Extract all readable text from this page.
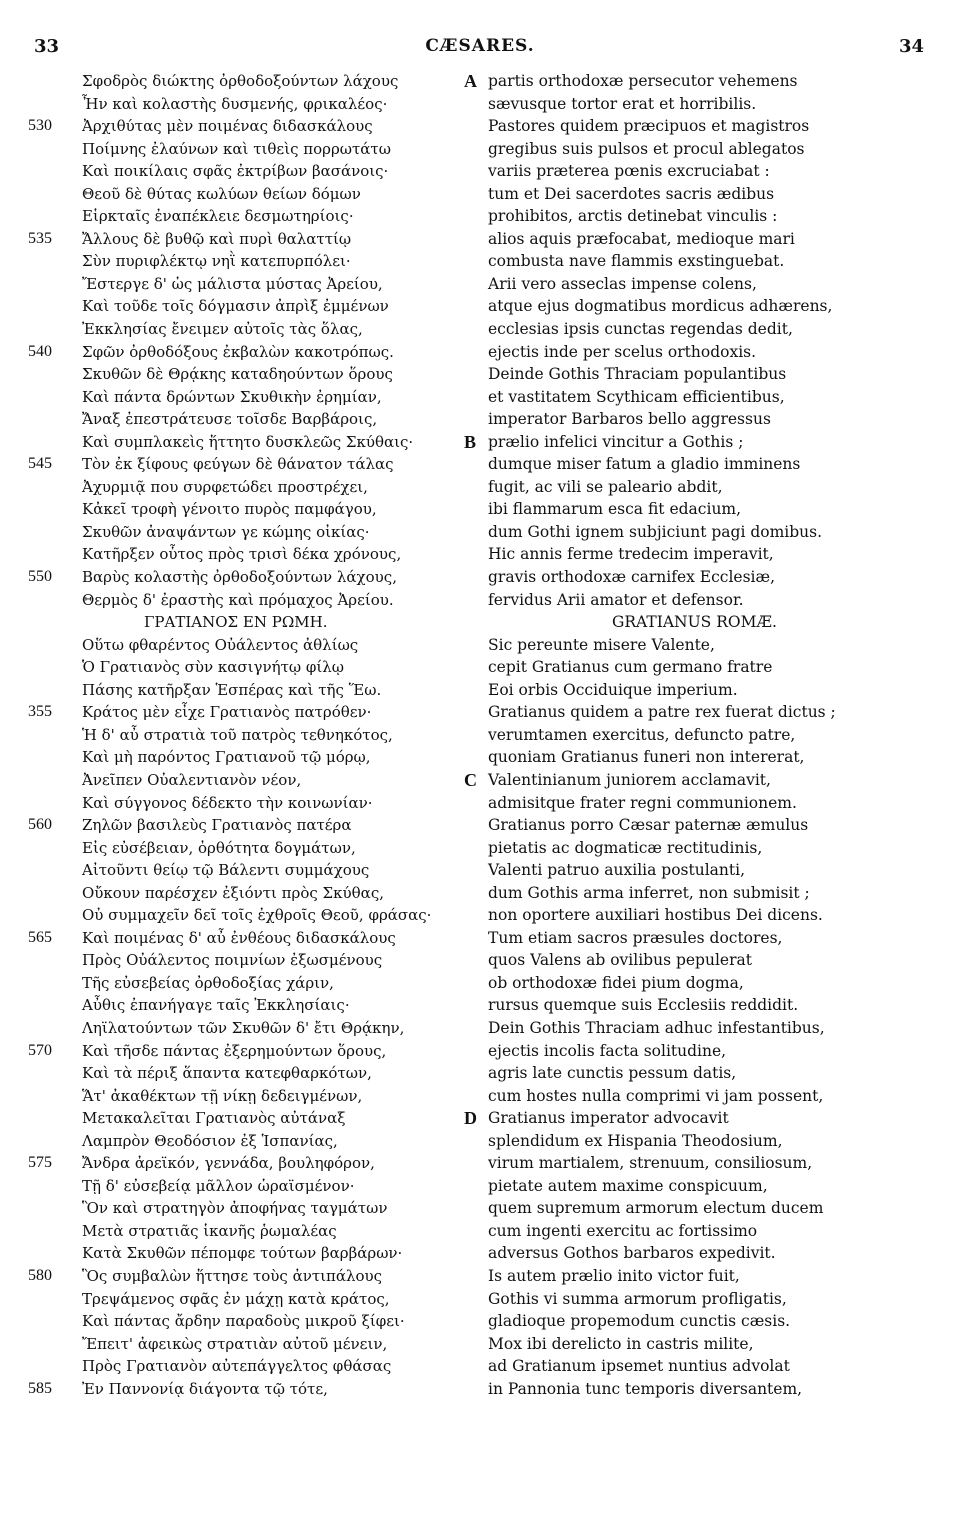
33	CÆSARES.	34
Σφοδρὸς διώκτης ὀρθοδοξούντων λάχους
Ἦν καὶ κολαστὴς δυσμενής, φρικαλέος·
530	Ἀρχιθύτας μὲν ποιμένας διδασκάλους
Ποίμνης ἐλαύνων καὶ τιθεὶς πορρωτάτω
Καὶ ποικίλαις σφᾶς ἐκτρίβων βασάνοις·
Θεοῦ δὲ θύτας κωλύων θείων δόμων
Εἱρκταῖς ἐναπέκλειε δεσμωτηρίοις·
535	Ἄλλους δὲ βυθῷ καὶ πυρὶ θαλαττίῳ
Σὺν πυριφλέκτῳ νηῒ κατεπυρπόλει·
Ἔστεργε δ' ὡς μάλιστα μύστας Ἀρείου,
Καὶ τοῦδε τοῖς δόγμασιν ἀπρὶξ ἐμμένων
Ἐκκλησίας ἔνειμεν αὐτοῖς τὰς ὅλας,
540	Σφῶν ὀρθοδόξους ἐκβαλὼν κακοτρόπως.
Σκυθῶν δὲ Θρᾴκης καταδηούντων ὅρους
Καὶ πάντα δρώντων Σκυθικὴν ἐρημίαν,
Ἄναξ ἐπεστράτευσε τοῖσδε Βαρβάροις,
Καὶ συμπλακεὶς ἥττητο δυσκλεῶς Σκύθαις·
545	Τὸν ἐκ ξίφους φεύγων δὲ θάνατον τάλας
Ἀχυρμιᾷ που συρφετώδει προστρέχει,
Κἀκεῖ τροφὴ γένοιτο πυρὸς παμφάγου,
Σκυθῶν ἀναψάντων γε κώμης οἰκίας·
Κατῆρξεν οὗτος πρὸς τρισὶ δέκα χρόνους,
550	Βαρὺς κολαστὴς ὀρθοδοξούντων λάχους,
Θερμὸς δ' ἐραστὴς καὶ πρόμαχος Ἀρείου.
ΓΡΑΤΙΑΝΟΣ ΕΝ ΡΩΜΗ.
Οὕτω φθαρέντος Οὐάλεντος ἀθλίως
Ὁ Γρατιανὸς σὺν κασιγνήτῳ φίλῳ
Πάσης κατῆρξαν Ἑσπέρας καὶ τῆς Ἕω.
355	Κράτος μὲν εἶχε Γρατιανὸς πατρόθεν·
Ἡ δ' αὖ στρατιὰ τοῦ πατρὸς τεθνηκότος,
Καὶ μὴ παρόντος Γρατιανοῦ τῷ μόρῳ,
Ἀνεῖπεν Οὐαλεντιανὸν νέον,
Καὶ σύγγονος δέδεκτο τὴν κοινωνίαν·
560	Ζηλῶν βασιλεὺς Γρατιανὸς πατέρα
Εἰς εὐσέβειαν, ὀρθότητα δογμάτων,
Αἰτοῦντι θείῳ τῷ Βάλεντι συμμάχους
Οὔκουν παρέσχεν ἐξιόντι πρὸς Σκύθας,
Οὐ συμμαχεῖν δεῖ τοῖς ἐχθροῖς Θεοῦ, φράσας·
565	Καὶ ποιμένας δ' αὖ ἐνθέους διδασκάλους
Πρὸς Οὐάλεντος ποιμνίων ἐξωσμένους
Τῆς εὐσεβείας ὀρθοδοξίας χάριν,
Αὖθις ἐπανήγαγε ταῖς Ἐκκλησίαις·
Ληϊλατούντων τῶν Σκυθῶν δ' ἔτι Θρᾴκην,
570	Καὶ τῆσδε πάντας ἐξερημούντων ὅρους,
Καὶ τὰ πέριξ ἅπαντα κατεφθαρκότων,
Ἅτ' ἀκαθέκτων τῇ νίκῃ δεδειγμένων,
Μετακαλεῖται Γρατιανὸς αὐτάναξ
Λαμπρὸν Θεοδόσιον ἐξ Ἱσπανίας,
575	Ἄνδρα ἀρεϊκόν, γεννάδα, βουληφόρον,
Τῇ δ' εὐσεβείᾳ μᾶλλον ὡραϊσμένον·
Ὃν καὶ στρατηγὸν ἀποφήνας ταγμάτων
Μετὰ στρατιᾶς ἱκανῆς ῥωμαλέας
Κατὰ Σκυθῶν πέπομφε τούτων βαρβάρων·
580	Ὃς συμβαλὼν ἥττησε τοὺς ἀντιπάλους
Τρεψάμενος σφᾶς ἐν μάχῃ κατὰ κράτος,
Καὶ πάντας ἄρδην παραδοὺς μικροῦ ξίφει·
Ἔπειτ' ἀφεικὼς στρατιὰν αὐτοῦ μένειν,
Πρὸς Γρατιανὸν αὐτεπάγγελτος φθάσας
585	Ἐν Παννονίᾳ διάγοντα τῷ τότε,
A partis orthodoxæ persecutor vehemens
sævusque tortor erat et horribilis.
Pastores quidem præcipuos et magistros
gregibus suis pulsos et procul ablegatos
variis præterea pœnis excruciabat :
tum et Dei sacerdotes sacris ædibus
prohibitos, arctis detinebat vinculis :
alios aquis præfocabat, medioque mari
combusta nave flammis exstinguebat.
Arii vero asseclas impense colens,
atque ejus dogmatibus mordicus adhærens,
ecclesias ipsis cunctas regendas dedit,
ejectis inde per scelus orthodoxis.
Deinde Gothis Thraciam populantibus
et vastitatem Scythicam efficientibus,
imperator Barbaros bello aggressus
B prælio infelici vincitur a Gothis ;
dumque miser fatum a gladio imminens
fugit, ac vili se paleario abdit,
ibi flammarum esca fit edacium,
dum Gothi ignem subjiciunt pagi domibus.
Hic annis ferme tredecim imperavit,
gravis orthodoxæ carnifex Ecclesiæ,
fervidus Arii amator et defensor.
GRATIANUS ROMÆ.
Sic pereunte misere Valente,
cepit Gratianus cum germano fratre
Eoi orbis Occiduique imperium.
Gratianus quidem a patre rex fuerat dictus ;
verumtamen exercitus, defuncto patre,
quoniam Gratianus funeri non intererat,
C Valentinianum juniorem acclamavit,
admisitque frater regni communionem.
Gratianus porro Cæsar paternæ æmulus
pietatis ac dogmaticæ rectitudinis,
Valenti patruo auxilia postulanti,
dum Gothis arma inferret, non submisit ;
non oportere auxiliari hostibus Dei dicens.
Tum etiam sacros præsules doctores,
quos Valens ab ovilibus pepulerat
ob orthodoxæ fidei pium dogma,
rursus quemque suis Ecclesiis reddidit.
Dein Gothis Thraciam adhuc infestantibus,
ejectis incolis facta solitudine,
agris late cunctis pessum datis,
cum hostes nulla comprimi vi jam possent,
D Gratianus imperator advocavit
splendidum ex Hispania Theodosium,
virum martialem, strenuum, consiliosum,
pietate autem maxime conspicuum,
quem supremum armorum electum ducem
cum ingenti exercitu ac fortissimo
adversus Gothos barbaros expedivit.
Is autem prælio inito victor fuit,
Gothis vi summa armorum profligatis,
gladioque propemodum cunctis cæsis.
Mox ibi derelicto in castris milite,
ad Gratianum ipsemet nuntius advolat
in Pannonia tunc temporis diversantem,
